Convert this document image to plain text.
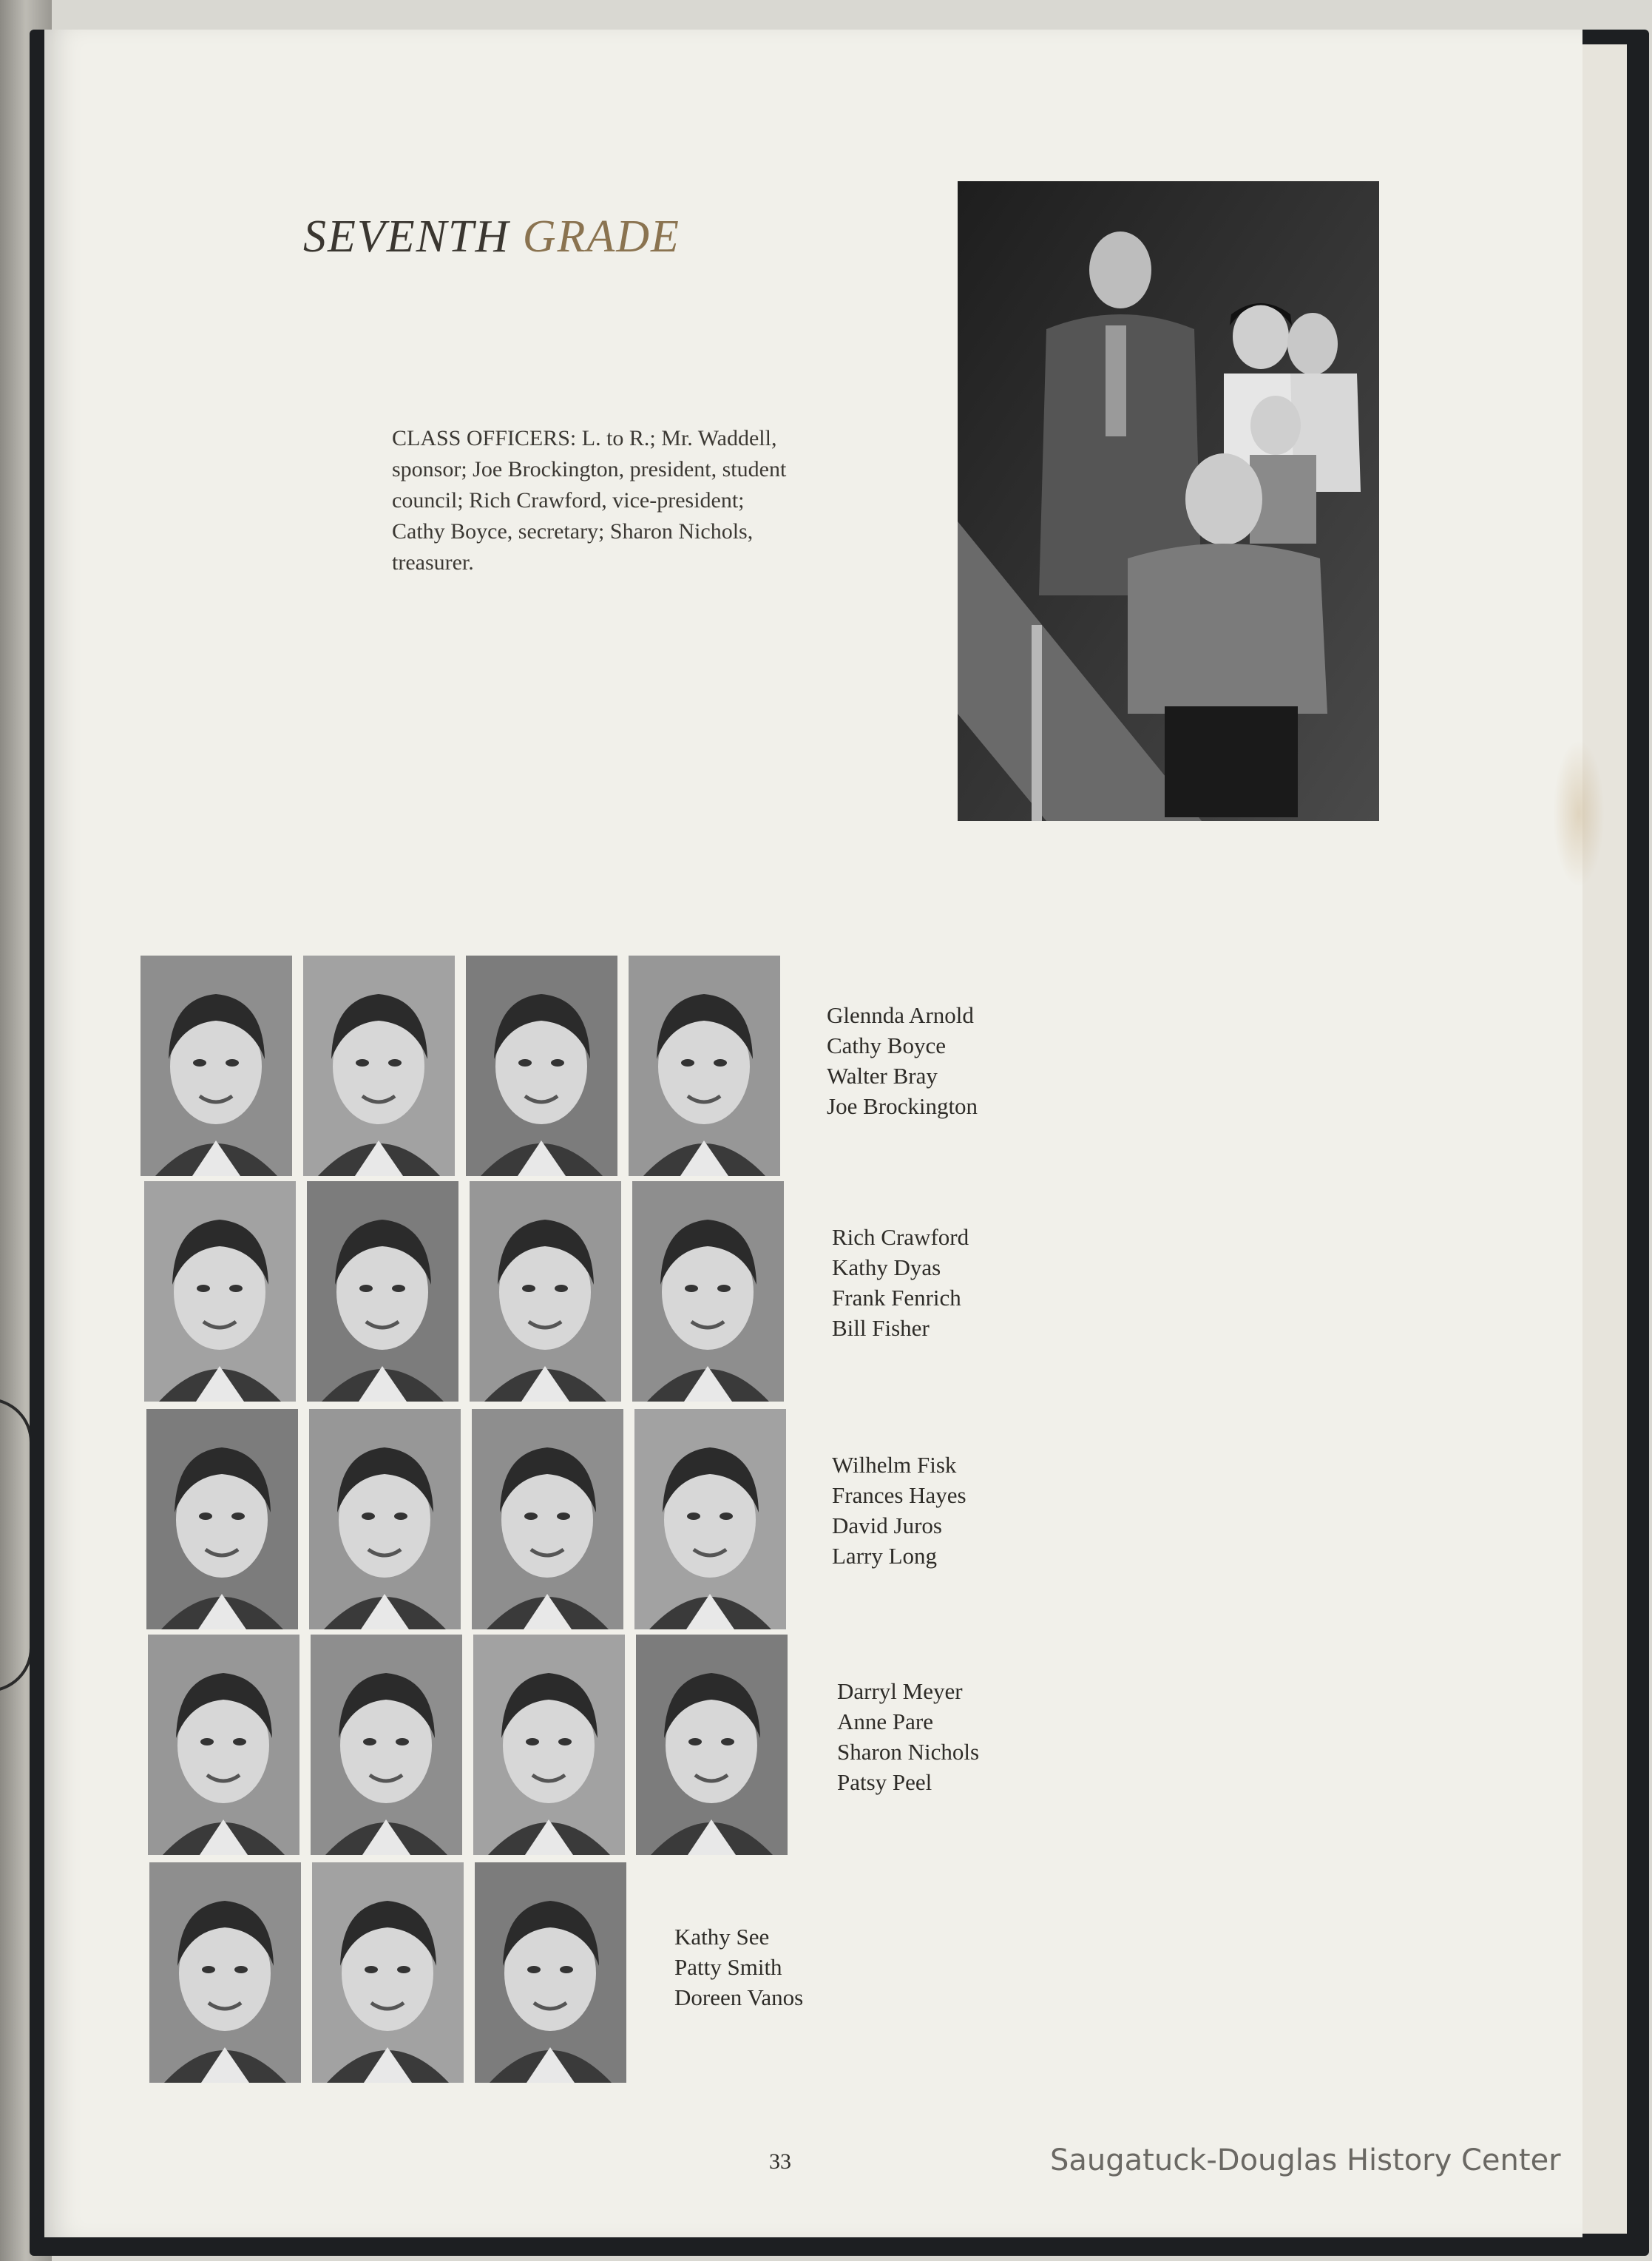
SEVENTH GRADE
CLASS OFFICERS: L. to R.; Mr. Waddell,
sponsor; Joe Brockington, president, student
council; Rich Crawford, vice-president;
Cathy Boyce, secretary; Sharon Nichols,
treasurer.
Glennda Arnold
Cathy Boyce
Walter Bray
Joe Brockington
Rich Crawford
Kathy Dyas
Frank Fenrich
Bill Fisher
Wilhelm Fisk
Frances Hayes
David Juros
Larry Long
Darryl Meyer
Anne Pare
Sharon Nichols
Patsy Peel
Kathy See
Patty Smith
Doreen Vanos
33	Saugatuck-Douglas History Center
